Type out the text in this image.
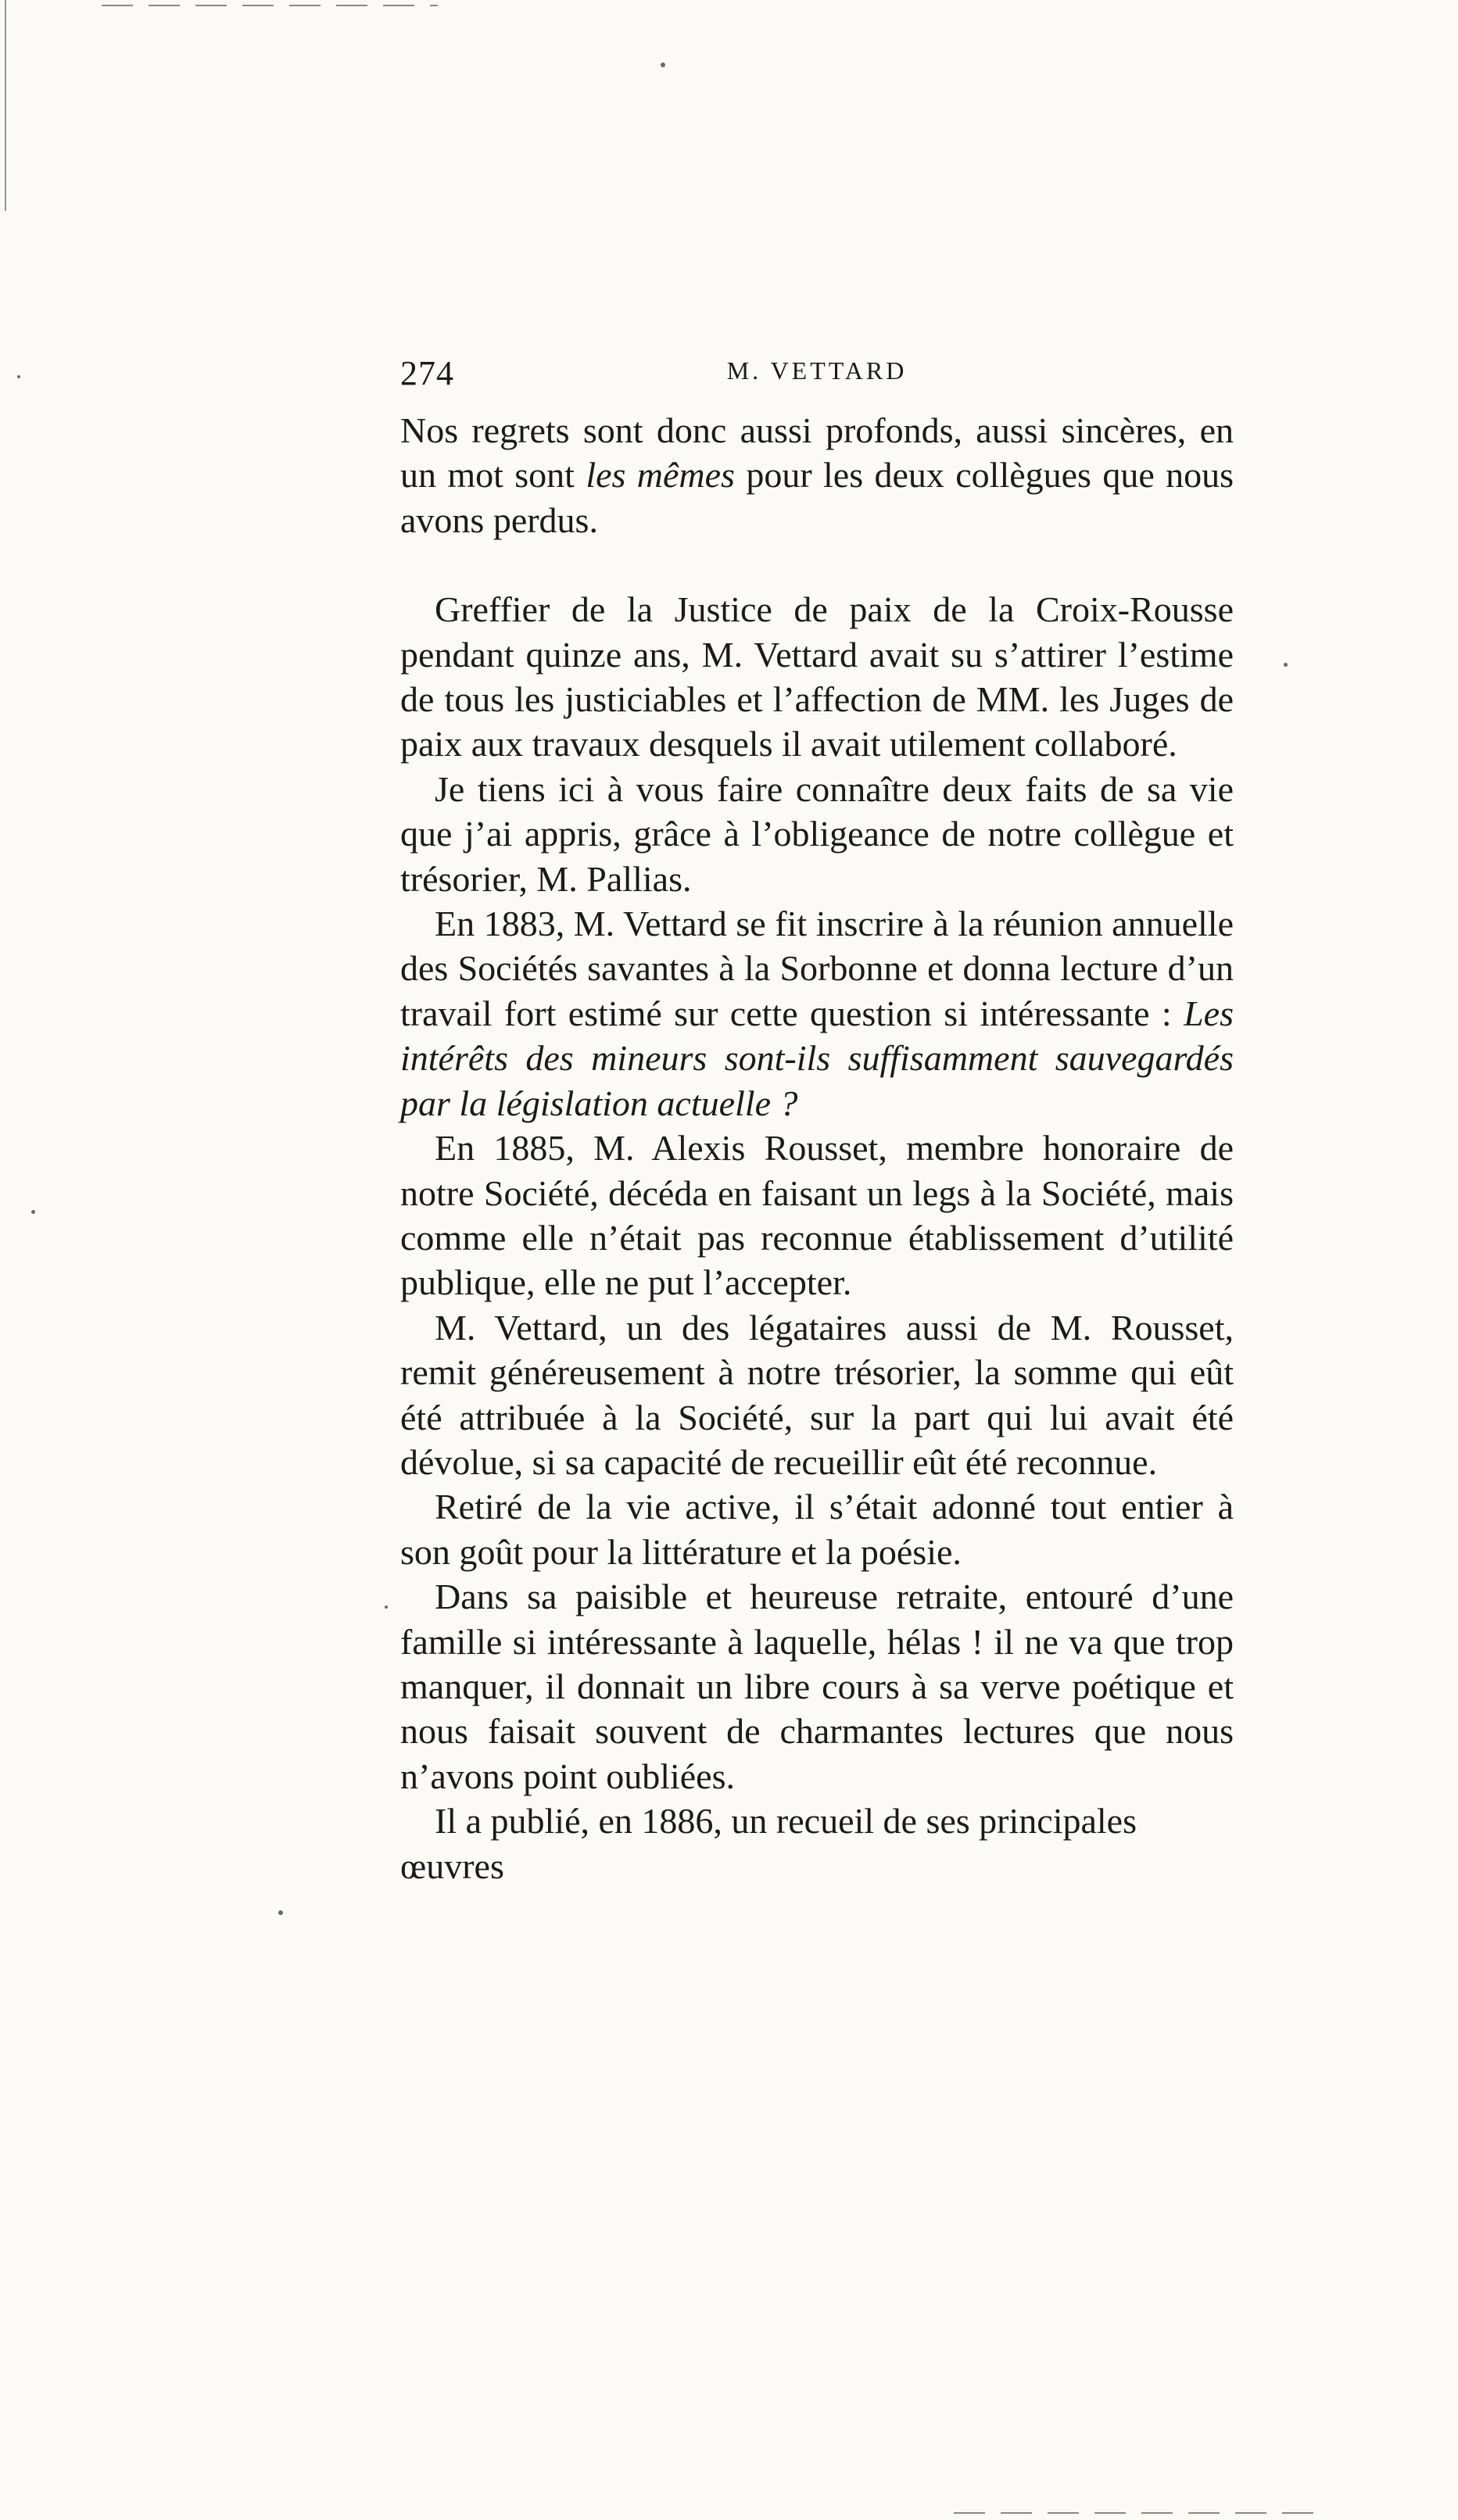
274	M. VETTARD

Nos regrets sont donc aussi profonds, aussi sincères, en un mot sont les mêmes pour les deux collègues que nous avons perdus.

Greffier de la Justice de paix de la Croix-Rousse pendant quinze ans, M. Vettard avait su s’attirer l’estime de tous les justiciables et l’affection de MM. les Juges de paix aux travaux desquels il avait utilement collaboré.

Je tiens ici à vous faire connaître deux faits de sa vie que j’ai appris, grâce à l’obligeance de notre collègue et trésorier, M. Pallias.

En 1883, M. Vettard se fit inscrire à la réunion annuelle des Sociétés savantes à la Sorbonne et donna lecture d’un travail fort estimé sur cette question si intéressante : Les intérêts des mineurs sont-ils suffisamment sauvegardés par la législation actuelle ?

En 1885, M. Alexis Rousset, membre honoraire de notre Société, décéda en faisant un legs à la Société, mais comme elle n’était pas reconnue établissement d’utilité publique, elle ne put l’accepter.

M. Vettard, un des légataires aussi de M. Rousset, remit généreusement à notre trésorier, la somme qui eût été attribuée à la Société, sur la part qui lui avait été dévolue, si sa capacité de recueillir eût été reconnue.

Retiré de la vie active, il s’était adonné tout entier à son goût pour la littérature et la poésie.

Dans sa paisible et heureuse retraite, entouré d’une famille si intéressante à laquelle, hélas ! il ne va que trop manquer, il donnait un libre cours à sa verve poétique et nous faisait souvent de charmantes lectures que nous n’avons point oubliées.

Il a publié, en 1886, un recueil de ses principales œuvres
